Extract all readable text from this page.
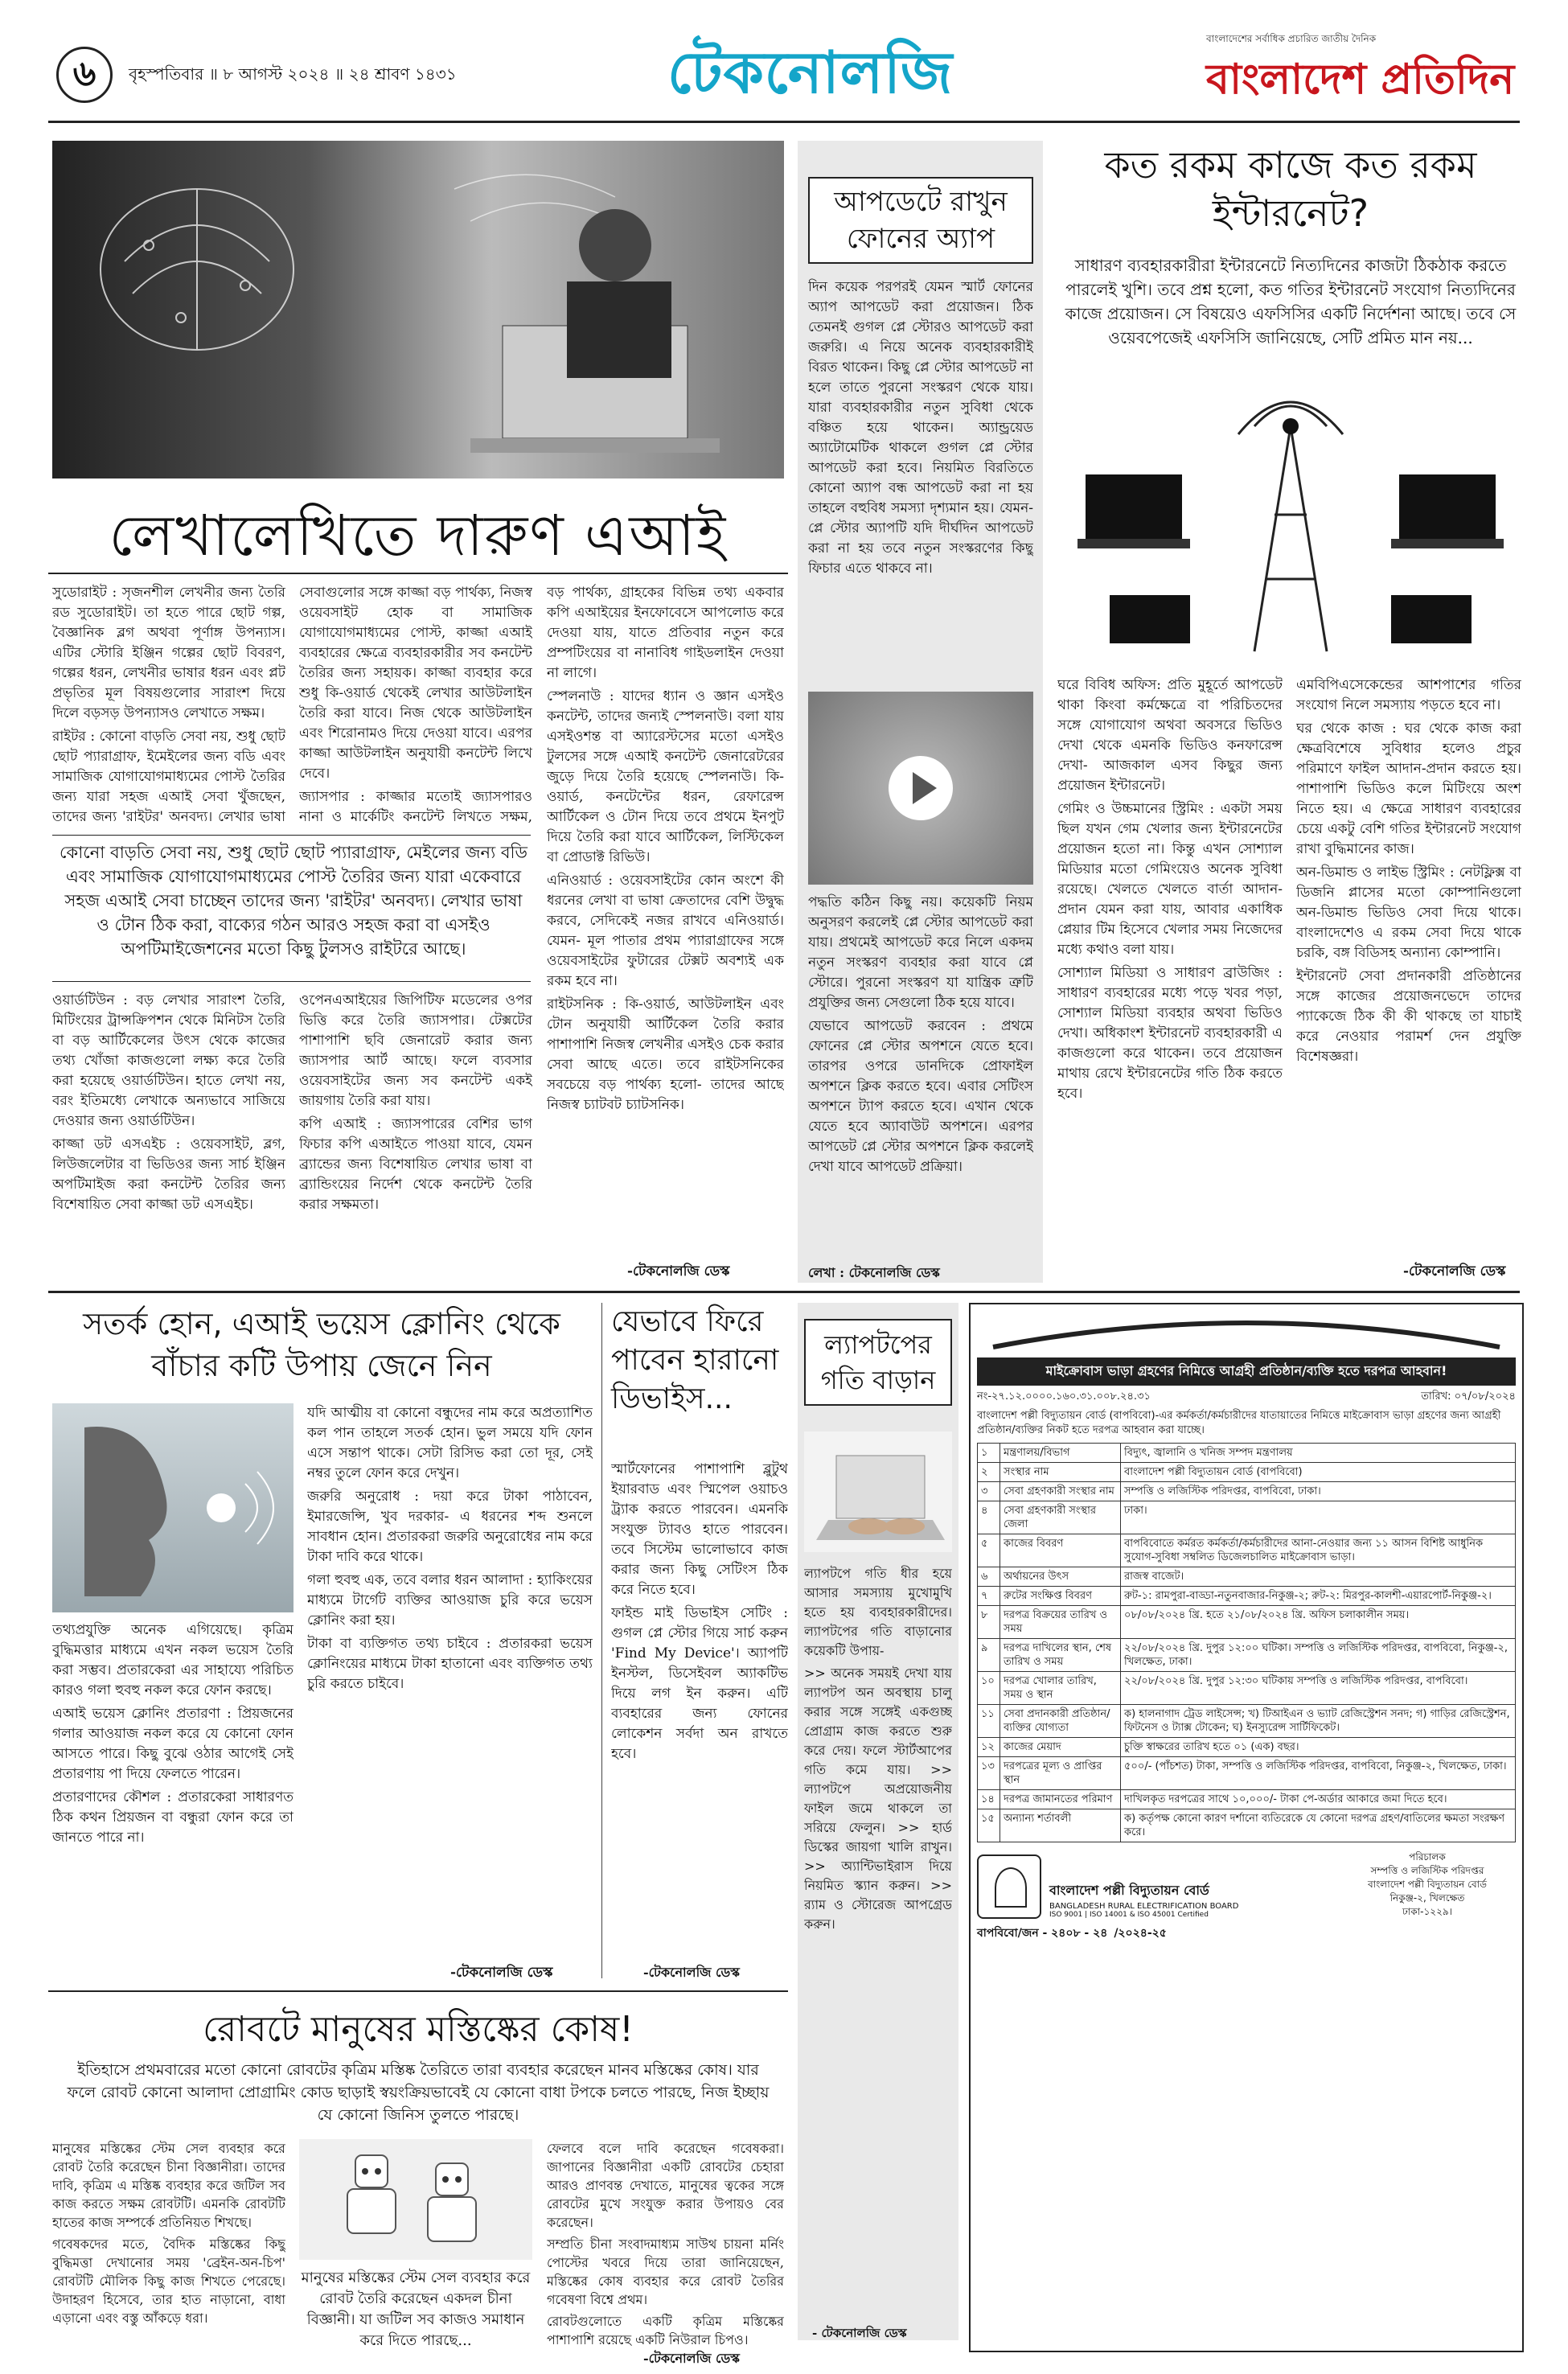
৬	বৃহস্পতিবার ॥ ৮ আগস্ট ২০২৪ ॥ ২৪ শ্রাবণ ১৪৩১	টেকনোলজি	বাংলাদেশের সর্বাধিক প্রচারিত জাতীয় দৈনিক
বাংলাদেশ প্রতিদিন
লেখালেখিতে দারুণ এআই

সুডোরাইট : সৃজনশীল লেখনীর জন্য তৈরি রড সুডোরাইট। তা হতে পারে ছোট গল্প, বৈজ্ঞানিক ব্লগ অথবা পূর্ণাঙ্গ উপন্যাস। এটির স্টোরি ইঞ্জিন গল্পের ছোট বিবরণ, গল্পের ধরন, লেখনীর ভাষার ধরন এবং প্লট প্রভৃতির মূল বিষয়গুলোর সারাংশ দিয়ে দিলে বড়সড় উপন্যাসও লেখাতে সক্ষম।

রাইটর : কোনো বাড়তি সেবা নয়, শুধু ছোট ছোট প্যারাগ্রাফ, ইমেইলের জন্য বডি এবং সামাজিক যোগাযোগমাধ্যমের পোস্ট তৈরির জন্য যারা সহজ এআই সেবা খুঁজছেন, তাদের জন্য 'রাইটর' অনবদ্য। লেখার ভাষা

সেবাগুলোর সঙ্গে কাজ্জা বড় পার্থক্য, নিজস্ব ওয়েবসাইট হোক বা সামাজিক যোগাযোগমাধ্যমের পোস্ট, কাজ্জা এআই ব্যবহারের ক্ষেত্রে ব্যবহারকারীর সব কনটেন্ট তৈরির জন্য সহায়ক। কাজ্জা ব্যবহার করে শুধু কি-ওয়ার্ড থেকেই লেখার আউটলাইন তৈরি করা যাবে। নিজ থেকে আউটলাইন এবং শিরোনামও দিয়ে দেওয়া যাবে। এরপর কাজ্জা আউটলাইন অনুযায়ী কনটেন্ট লিখে দেবে।

জ্যাসপার : কাজ্জার মতোই জ্যাসপারও নানা ও মার্কেটিং কনটেন্ট লিখতে সক্ষম,

বড় পার্থক্য, গ্রাহকের বিভিন্ন তথ্য একবার কপি এআইয়ের ইনফোবেসে আপলোড করে দেওয়া যায়, যাতে প্রতিবার নতুন করে প্রম্পটিংয়ের বা নানাবিধ গাইডলাইন দেওয়া না লাগে।

স্পেলনাউ : যাদের ধ্যান ও জ্ঞান এসইও কনটেন্ট, তাদের জন্যই স্পেলনাউ। বলা যায় এসইওশন্ত বা অ্যারেস্টসের মতো এসইও টুলসের সঙ্গে এআই কনটেন্ট জেনারেটরের জুড়ে দিয়ে তৈরি হয়েছে স্পেলনাউ। কি-ওয়ার্ড, কনটেন্টের ধরন, রেফারেন্স আর্টিকেল ও টোন দিয়ে তবে প্রথমে ইনপুট দিয়ে তৈরি করা যাবে আর্টিকেল, লিস্টিকেল বা প্রোডাক্ট রিভিউ।

এনিওয়ার্ড : ওয়েবসাইটের কোন অংশে কী ধরনের লেখা বা ভাষা ক্রেতাদের বেশি উদ্বুদ্ধ করবে, সেদিকেই নজর রাখবে এনিওয়ার্ড। যেমন- মূল পাতার প্রথম প্যারাগ্রাফের সঙ্গে ওয়েবসাইটের ফুটারের টেক্সট অবশ্যই এক রকম হবে না।

রাইটসনিক : কি-ওয়ার্ড, আউটলাইন এবং টোন অনুযায়ী আর্টিকেল তৈরি করার পাশাপাশি নিজস্ব লেখনীর এসইও চেক করার সেবা আছে এতে। তবে রাইটসনিকের সবচেয়ে বড় পার্থক্য হলো- তাদের আছে নিজস্ব চ্যাটবট চ্যাটসনিক।

কোনো বাড়তি সেবা নয়, শুধু ছোট ছোট প্যারাগ্রাফ, মেইলের জন্য বডি এবং সামাজিক যোগাযোগমাধ্যমের পোস্ট তৈরির জন্য যারা একেবারে সহজ এআই সেবা চাচ্ছেন তাদের জন্য 'রাইটর' অনবদ্য। লেখার ভাষা ও টোন ঠিক করা, বাক্যের গঠন আরও সহজ করা বা এসইও অপটিমাইজেশনের মতো কিছু টুলসও রাইটরে আছে।

ওয়ার্ডটিউন : বড় লেখার সারাংশ তৈরি, মিটিংয়ের ট্রান্সক্রিপশন থেকে মিনিটস তৈরি বা বড় আর্টিকেলের উৎস থেকে কাজের তথ্য খোঁজা কাজগুলো লক্ষ্য করে তৈরি করা হয়েছে ওয়ার্ডটিউন। হাতে লেখা নয়, বরং ইতিমধ্যে লেখাকে অন্যভাবে সাজিয়ে দেওয়ার জন্য ওয়ার্ডটিউন।

কাজ্জা ডট এসএইচ : ওয়েবসাইট, ব্লগ, লিউজলেটার বা ভিডিওর জন্য সার্চ ইঞ্জিন অপটিমাইজ করা কনটেন্ট তৈরির জন্য বিশেষায়িত সেবা কাজ্জা ডট এসএইচ।

ওপেনএআইয়ের জিপিটিফ মডেলের ওপর ভিত্তি করে তৈরি জ্যাসপার। টেক্সটের পাশাপাশি ছবি জেনারেট করার জন্য জ্যাসপার আর্ট আছে। ফলে ব্যবসার ওয়েবসাইটের জন্য সব কনটেন্ট একই জায়গায় তৈরি করা যায়।

কপি এআই : জ্যাসপারের বেশির ভাগ ফিচার কপি এআইতে পাওয়া যাবে, যেমন ব্র্যান্ডের জন্য বিশেষায়িত লেখার ভাষা বা ব্র্যান্ডিংয়ের নির্দেশ থেকে কনটেন্ট তৈরি করার সক্ষমতা।

-টেকনোলজি ডেস্ক
আপডেটে রাখুন ফোনের অ্যাপ

দিন কয়েক পরপরই যেমন স্মার্ট ফোনের অ্যাপ আপডেট করা প্রয়োজন। ঠিক তেমনই গুগল প্লে স্টোরও আপডেট করা জরুরি। এ নিয়ে অনেক ব্যবহারকারীই বিরত থাকেন। কিছু প্লে স্টোর আপডেট না হলে তাতে পুরনো সংস্করণ থেকে যায়। যারা ব্যবহারকারীর নতুন সুবিধা থেকে বঞ্চিত হয়ে থাকেন। অ্যান্ড্রয়েড অ্যাটোমেটিক থাকলে গুগল প্লে স্টোর আপডেট করা হবে। নিয়মিত বিরতিতে কোনো অ্যাপ বন্ধ আপডেট করা না হয় তাহলে বহুবিধ সমস্যা দৃশ্যমান হয়। যেমন- প্লে স্টোর অ্যাপটি যদি দীর্ঘদিন আপডেট করা না হয় তবে নতুন সংস্করণের কিছু ফিচার এতে থাকবে না।

পদ্ধতি কঠিন কিছু নয়। কয়েকটি নিয়ম অনুসরণ করলেই প্লে স্টোর আপডেট করা যায়। প্রথমেই আপডেট করে নিলে একদম নতুন সংস্করণ ব্যবহার করা যাবে প্লে স্টোরে। পুরনো সংস্করণ যা যান্ত্রিক ত্রুটি প্রযুক্তির জন্য সেগুলো ঠিক হয়ে যাবে।

যেভাবে আপডেট করবেন : প্রথমে ফোনের প্লে স্টোর অপশনে যেতে হবে। তারপর ওপরে ডানদিকে প্রোফাইল অপশনে ক্লিক করতে হবে। এবার সেটিংস অপশনে ট্যাপ করতে হবে। এখান থেকে যেতে হবে অ্যাবাউট অপশনে। এরপর আপডেট প্লে স্টোর অপশনে ক্লিক করলেই দেখা যাবে আপডেট প্রক্রিয়া।

লেখা : টেকনোলজি ডেস্ক
কত রকম কাজে কত রকম ইন্টারনেট?
সাধারণ ব্যবহারকারীরা ইন্টারনেটে নিত্যদিনের কাজটা ঠিকঠাক করতে পারলেই খুশি। তবে প্রশ্ন হলো, কত গতির ইন্টারনেট সংযোগ নিত্যদিনের কাজে প্রয়োজন। সে বিষয়েও এফসিসির একটি নির্দেশনা আছে। তবে সে ওয়েবপেজেই এফসিসি জানিয়েছে, সেটি প্রমিত মান নয়...

ঘরে বিবিধ অফিস: প্রতি মুহূর্তে আপডেট থাকা কিংবা কর্মক্ষেত্রে বা পরিচিতদের সঙ্গে যোগাযোগ অথবা অবসরে ভিডিও দেখা থেকে এমনকি ভিডিও কনফারেন্স দেখা- আজকাল এসব কিছুর জন্য প্রয়োজন ইন্টারনেট।

গেমিং ও উচ্চমানের স্ট্রিমিং : একটা সময় ছিল যখন গেম খেলার জন্য ইন্টারনেটের প্রয়োজন হতো না। কিন্তু এখন সোশ্যাল মিডিয়ার মতো গেমিংয়েও অনেক সুবিধা রয়েছে। খেলতে খেলতে বার্তা আদান-প্রদান যেমন করা যায়, আবার একাধিক প্লেয়ার টিম হিসেবে খেলার সময় নিজেদের মধ্যে কথাও বলা যায়।

সোশ্যাল মিডিয়া ও সাধারণ ব্রাউজিং : সাধারণ ব্যবহারের মধ্যে পড়ে খবর পড়া, সোশ্যাল মিডিয়া ব্যবহার অথবা ভিডিও দেখা। অধিকাংশ ইন্টারনেট ব্যবহারকারী এ কাজগুলো করে থাকেন। তবে প্রয়োজন মাথায় রেখে ইন্টারনেটের গতি ঠিক করতে হবে।

এমবিপিএসেকেন্ডের আশপাশের গতির সংযোগ নিলে সমস্যায় পড়তে হবে না।

ঘর থেকে কাজ : ঘর থেকে কাজ করা ক্ষেত্রবিশেষে সুবিধার হলেও প্রচুর পরিমাণে ফাইল আদান-প্রদান করতে হয়। পাশাপাশি ভিডিও কলে মিটিংয়ে অংশ নিতে হয়। এ ক্ষেত্রে সাধারণ ব্যবহারের চেয়ে একটু বেশি গতির ইন্টারনেট সংযোগ রাখা বুদ্ধিমানের কাজ।

অন-ডিমান্ড ও লাইভ স্ট্রিমিং : নেটফ্লিক্স বা ডিজনি প্লাসের মতো কোম্পানিগুলো অন-ডিমান্ড ভিডিও সেবা দিয়ে থাকে। বাংলাদেশেও এ রকম সেবা দিয়ে থাকে চরকি, বঙ্গ বিডিসহ অন্যান্য কোম্পানি।

ইন্টারনেট সেবা প্রদানকারী প্রতিষ্ঠানের সঙ্গে কাজের প্রয়োজনভেদে তাদের প্যাকেজে ঠিক কী কী থাকছে তা যাচাই করে নেওয়ার পরামর্শ দেন প্রযুক্তি বিশেষজ্ঞরা।

-টেকনোলজি ডেস্ক
সতর্ক হোন, এআই ভয়েস ক্লোনিং থেকে বাঁচার কটি উপায় জেনে নিন

তথ্যপ্রযুক্তি অনেক এগিয়েছে। কৃত্রিম বুদ্ধিমত্তার মাধ্যমে এখন নকল ভয়েস তৈরি করা সম্ভব। প্রতারকেরা এর সাহায্যে পরিচিত কারও গলা হুবহু নকল করে ফোন করছে।

এআই ভয়েস ক্লোনিং প্রতারণা : প্রিয়জনের গলার আওয়াজ নকল করে যে কোনো ফোন আসতে পারে। কিছু বুঝে ওঠার আগেই সেই প্রতারণায় পা দিয়ে ফেলতে পারেন।

প্রতারণাদের কৌশল : প্রতারকেরা সাধারণত ঠিক কথন প্রিয়জন বা বন্ধুরা ফোন করে তা জানতে পারে না।

যদি আত্মীয় বা কোনো বন্ধুদের নাম করে অপ্রত্যাশিত কল পান তাহলে সতর্ক হোন। ভুল সময়ে যদি ফোন এসে সন্তাপ থাকে। সেটা রিসিভ করা তো দূর, সেই নম্বর তুলে ফোন করে দেখুন।

জরুরি অনুরোধ : দয়া করে টাকা পাঠাবেন, ইমারজেন্সি, খুব দরকার- এ ধরনের শব্দ শুনলে সাবধান হোন। প্রতারকরা জরুরি অনুরোধের নাম করে টাকা দাবি করে থাকে।

গলা হুবহু এক, তবে বলার ধরন আলাদা : হ্যাকিংয়ের মাধ্যমে টার্গেট ব্যক্তির আওয়াজ চুরি করে ভয়েস ক্লোনিং করা হয়।

টাকা বা ব্যক্তিগত তথ্য চাইবে : প্রতারকরা ভয়েস ক্লোনিংয়ের মাধ্যমে টাকা হাতানো এবং ব্যক্তিগত তথ্য চুরি করতে চাইবে।

-টেকনোলজি ডেস্ক
যেভাবে ফিরে পাবেন হারানো ডিভাইস...

স্মার্টফোনের পাশাপাশি ব্লুটুথ ইয়ারবাড এবং স্মিপেল ওয়াচও ট্র্যাক করতে পারবেন। এমনকি সংযুক্ত ট্যাবও হাতে পারবেন। তবে সিস্টেম ভালোভাবে কাজ করার জন্য কিছু সেটিংস ঠিক করে নিতে হবে।

ফাইন্ড মাই ডিভাইস সেটিং : গুগল প্লে স্টোর গিয়ে সার্চ করুন 'Find My Device'। অ্যাপটি ইনস্টল, ডিসেইবল অ্যাকটিভ দিয়ে লগ ইন করুন। এটি ব্যবহারের জন্য ফোনের লোকেশন সর্বদা অন রাখতে হবে।

-টেকনোলজি ডেস্ক
ল্যাপটপের গতি বাড়ান

ল্যাপটপে গতি ধীর হয়ে আসার সমস্যায় মুখোমুখি হতে হয় ব্যবহারকারীদের। ল্যাপটপের গতি বাড়ানোর কয়েকটি উপায়-

>> অনেক সময়ই দেখা যায় ল্যাপটপ অন অবস্থায় চালু করার সঙ্গে সঙ্গেই একগুচ্ছ প্রোগ্রাম কাজ করতে শুরু করে দেয়। ফলে স্টার্টআপের গতি কমে যায়। >> ল্যাপটপে অপ্রয়োজনীয় ফাইল জমে থাকলে তা সরিয়ে ফেলুন। >> হার্ড ডিস্কের জায়গা খালি রাখুন। >> অ্যান্টিভাইরাস দিয়ে নিয়মিত স্ক্যান করুন। >> র‍্যাম ও স্টোরেজ আপগ্রেড করুন।

- টেকনোলজি ডেস্ক
রোবটে মানুষের মস্তিষ্কের কোষ!
ইতিহাসে প্রথমবারের মতো কোনো রোবটের কৃত্রিম মস্তিষ্ক তৈরিতে তারা ব্যবহার করেছেন মানব মস্তিষ্কের কোষ। যার ফলে রোবট কোনো আলাদা প্রোগ্রামিং কোড ছাড়াই স্বয়ংক্রিয়ভাবেই যে কোনো বাধা টপকে চলতে পারছে, নিজ ইচ্ছায় যে কোনো জিনিস তুলতে পারছে।

মানুষের মস্তিষ্কের স্টেম সেল ব্যবহার করে রোবট তৈরি করেছেন চীনা বিজ্ঞানীরা। তাদের দাবি, কৃত্রিম এ মস্তিষ্ক ব্যবহার করে জটিল সব কাজ করতে সক্ষম রোবটটি। এমনকি রোবটটি হাতের কাজ সম্পর্কে প্রতিনিয়ত শিখছে।

গবেষকদের মতে, বৈদিক মস্তিষ্কের কিছু বুদ্ধিমত্তা দেখানোর সময় 'ব্রেইন-অন-চিপ' রোবটটি মৌলিক কিছু কাজ শিখতে পেরেছে। উদাহরণ হিসেবে, তার হাত নাড়ানো, বাধা এড়ানো এবং বস্তু আঁকড়ে ধরা।

মানুষের মস্তিষ্কের স্টেম সেল ব্যবহার করে রোবট তৈরি করেছেন একদল চীনা বিজ্ঞানী। যা জটিল সব কাজও সমাধান করে দিতে পারছে...

ফেলবে বলে দাবি করেছেন গবেষকরা। জাপানের বিজ্ঞানীরা একটি রোবটের চেহারা আরও প্রাণবন্ত দেখাতে, মানুষের ত্বকের সঙ্গে রোবটের মুখে সংযুক্ত করার উপায়ও বের করেছেন।

সম্প্রতি চীনা সংবাদমাধ্যম সাউথ চায়না মর্নিং পোস্টের খবরে দিয়ে তারা জানিয়েছেন, মস্তিষ্কের কোষ ব্যবহার করে রোবট তৈরির গবেষণা বিশ্বে প্রথম।

রোবটগুলোতে একটি কৃত্রিম মস্তিষ্কের পাশাপাশি রয়েছে একটি নিউরাল চিপও।

-টেকনোলজি ডেস্ক
মাইক্রোবাস ভাড়া গ্রহণের নিমিত্তে আগ্রহী প্রতিষ্ঠান/ব্যক্তি হতে দরপত্র আহবান!
নং-২৭.১২.০০০০.১৬০.৩১.০০৮.২৪.৩১	তারিখ: ০৭/০৮/২০২৪
বাংলাদেশ পল্লী বিদ্যুতায়ন বোর্ড (বাপবিবো)-এর কর্মকর্তা/কর্মচারীদের যাতায়াতের নিমিত্তে মাইক্রোবাস ভাড়া গ্রহণের জন্য আগ্রহী প্রতিষ্ঠান/ব্যক্তির নিকট হতে দরপত্র আহবান করা যাচ্ছে।
১	মন্ত্রণালয়/বিভাগ	বিদ্যুৎ, জ্বালানি ও খনিজ সম্পদ মন্ত্রণালয়
২	সংস্থার নাম	বাংলাদেশ পল্লী বিদ্যুতায়ন বোর্ড (বাপবিবো)
৩	সেবা গ্রহণকারী সংস্থার নাম	সম্পত্তি ও লজিস্টিক পরিদপ্তর, বাপবিবো, ঢাকা।
৪	সেবা গ্রহণকারী সংস্থার জেলা	ঢাকা।
৫	কাজের বিবরণ	বাপবিবোতে কর্মরত কর্মকর্তা/কর্মচারীদের আনা-নেওয়ার জন্য ১১ আসন বিশিষ্ট আধুনিক সুযোগ-সুবিধা সম্বলিত ডিজেলচালিত মাইক্রোবাস ভাড়া।
৬	অর্থায়নের উৎস	রাজস্ব বাজেট।
৭	রুটের সংক্ষিপ্ত বিবরণ	রুট-১: রামপুরা-বাড্ডা-নতুনবাজার-নিকুঞ্জ-২; রুট-২: মিরপুর-কালশী-এয়ারপোর্ট-নিকুঞ্জ-২।
৮	দরপত্র বিক্রয়ের তারিখ ও সময়	০৮/০৮/২০২৪ খ্রি. হতে ২১/০৮/২০২৪ খ্রি. অফিস চলাকালীন সময়।
৯	দরপত্র দাখিলের স্থান, শেষ তারিখ ও সময়	২২/০৮/২০২৪ খ্রি. দুপুর ১২:০০ ঘটিকা। সম্পত্তি ও লজিস্টিক পরিদপ্তর, বাপবিবো, নিকুঞ্জ-২, খিলক্ষেত, ঢাকা।
১০	দরপত্র খোলার তারিখ, সময় ও স্থান	২২/০৮/২০২৪ খ্রি. দুপুর ১২:৩০ ঘটিকায় সম্পত্তি ও লজিস্টিক পরিদপ্তর, বাপবিবো।
১১	সেবা প্রদানকারী প্রতিষ্ঠান/ব্যক্তির যোগ্যতা	ক) হালনাগাদ ট্রেড লাইসেন্স; খ) টিআইএন ও ভ্যাট রেজিস্ট্রেশন সনদ; গ) গাড়ির রেজিস্ট্রেশন, ফিটনেস ও ট্যাক্স টোকেন; ঘ) ইনস্যুরেন্স সার্টিফিকেট।
১২	কাজের মেয়াদ	চুক্তি স্বাক্ষরের তারিখ হতে ০১ (এক) বছর।
১৩	দরপত্রের মূল্য ও প্রাপ্তির স্থান	৫০০/- (পাঁচশত) টাকা, সম্পত্তি ও লজিস্টিক পরিদপ্তর, বাপবিবো, নিকুঞ্জ-২, খিলক্ষেত, ঢাকা।
১৪	দরপত্র জামানতের পরিমাণ	দাখিলকৃত দরপত্রের সাথে ১০,০০০/- টাকা পে-অর্ডার আকারে জমা দিতে হবে।
১৫	অন্যান্য শর্তাবলী	ক) কর্তৃপক্ষ কোনো কারণ দর্শানো ব্যতিরেকে যে কোনো দরপত্র গ্রহণ/বাতিলের ক্ষমতা সংরক্ষণ করে।
বাংলাদেশ পল্লী বিদ্যুতায়ন বোর্ড
BANGLADESH RURAL ELECTRIFICATION BOARD
ISO 9001 | ISO 14001 & ISO 45001 Certified
পরিচালক
সম্পত্তি ও লজিস্টিক পরিদপ্তর
বাংলাদেশ পল্লী বিদ্যুতায়ন বোর্ড
নিকুঞ্জ-২, খিলক্ষেত
ঢাকা-১২২৯।
বাপবিবো/জন - ২৪০৮ - ২৪ /২০২৪-২৫
